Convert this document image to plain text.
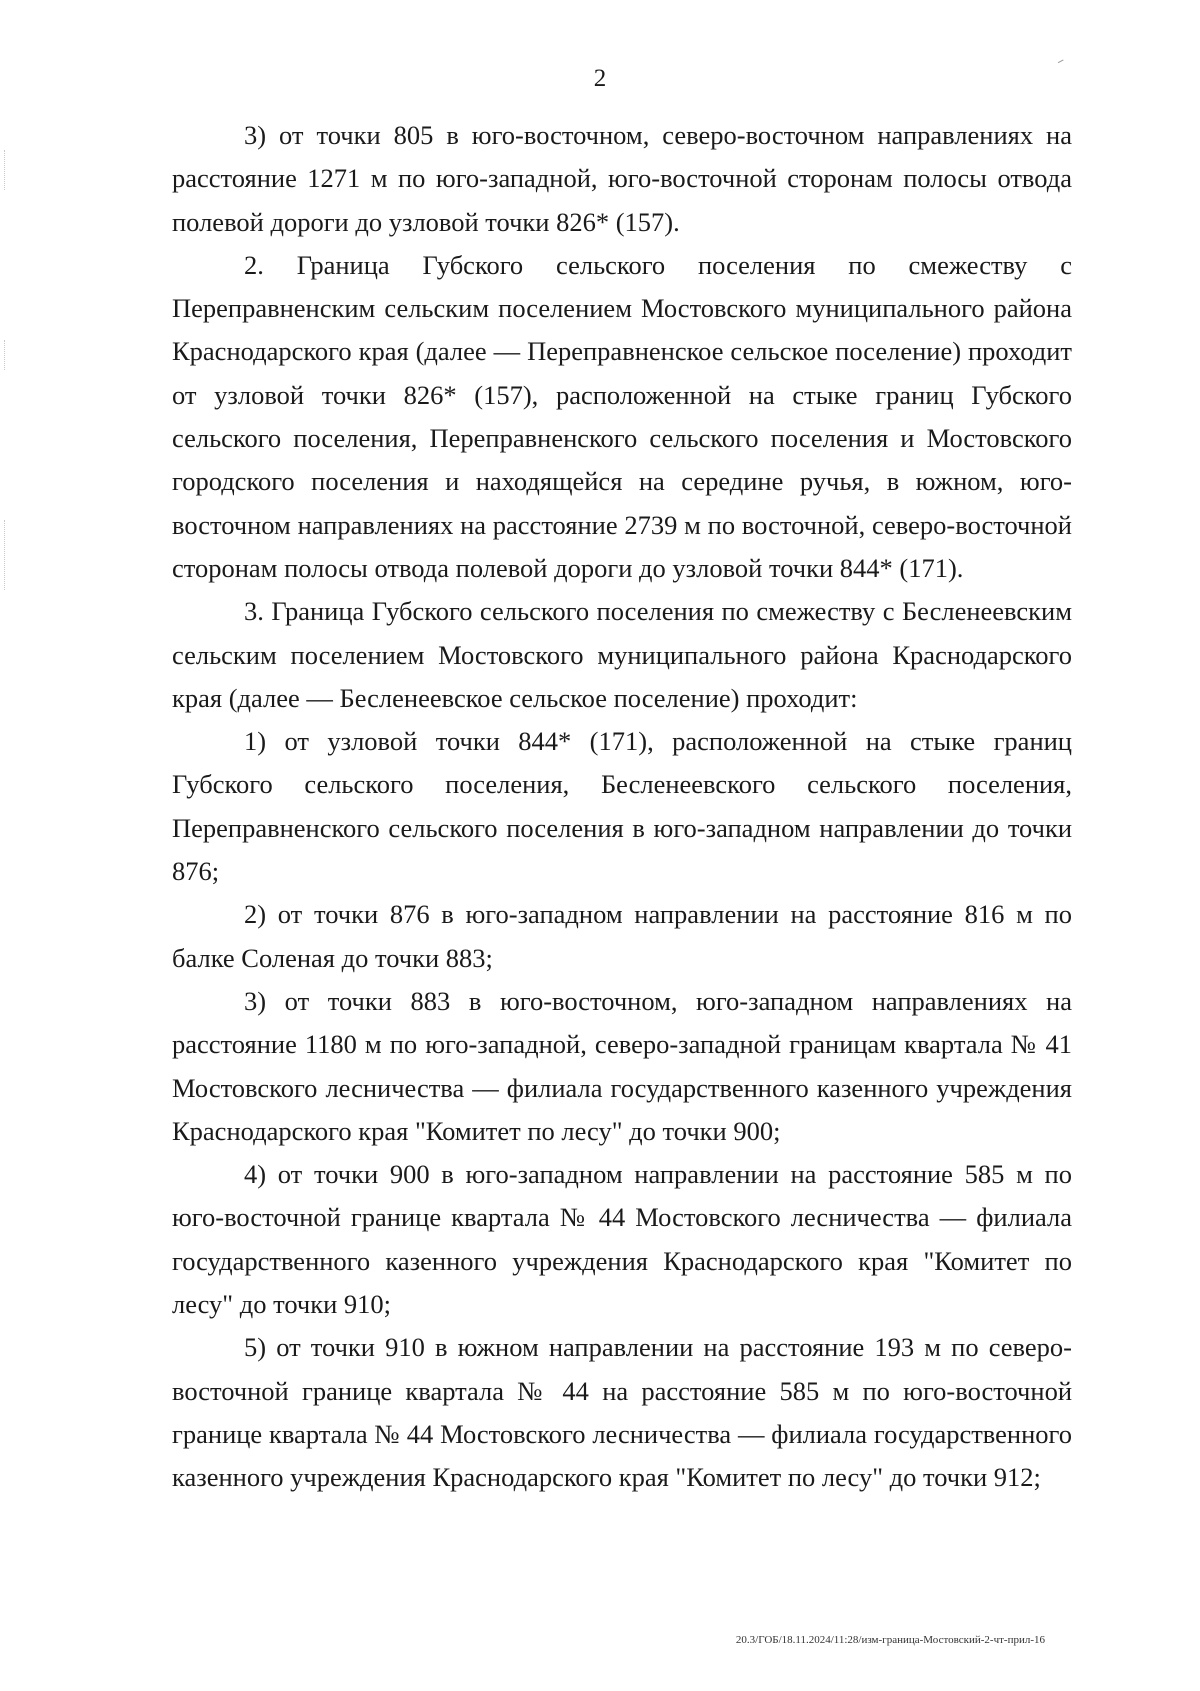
2

3) от точки 805 в юго-восточном, северо-восточном направлениях на расстояние 1271 м по юго-западной, юго-восточной сторонам полосы отвода полевой дороги до узловой точки 826* (157).

2. Граница Губского сельского поселения по смежеству с Переправненским сельским поселением Мостовского муниципального района Краснодарского края (далее — Переправненское сельское поселение) проходит от узловой точки 826* (157), расположенной на стыке границ Губского сельского поселения, Переправненского сельского поселения и Мостовского городского поселения и находящейся на середине ручья, в южном, юго-восточном направлениях на расстояние 2739 м по восточной, северо-восточной сторонам полосы отвода полевой дороги до узловой точки 844* (171).

3. Граница Губского сельского поселения по смежеству с Бесленеевским сельским поселением Мостовского муниципального района Краснодарского края (далее — Бесленеевское сельское поселение) проходит:

1) от узловой точки 844* (171), расположенной на стыке границ Губского сельского поселения, Бесленеевского сельского поселения, Переправненского сельского поселения в юго-западном направлении до точки 876;

2) от точки 876 в юго-западном направлении на расстояние 816 м по балке Соленая до точки 883;

3) от точки 883 в юго-восточном, юго-западном направлениях на расстояние 1180 м по юго-западной, северо-западной границам квартала № 41 Мостовского лесничества — филиала государственного казенного учреждения Краснодарского края "Комитет по лесу" до точки 900;

4) от точки 900 в юго-западном направлении на расстояние 585 м по юго-восточной границе квартала № 44 Мостовского лесничества — филиала государственного казенного учреждения Краснодарского края "Комитет по лесу" до точки 910;

5) от точки 910 в южном направлении на расстояние 193 м по северо-восточной границе квартала № 44 на расстояние 585 м по юго-восточной границе квартала № 44 Мостовского лесничества — филиала государственного казенного учреждения Краснодарского края "Комитет по лесу" до точки 912;

20.3/ГОБ/18.11.2024/11:28/изм-граница-Мостовский-2-чт-прил-16
